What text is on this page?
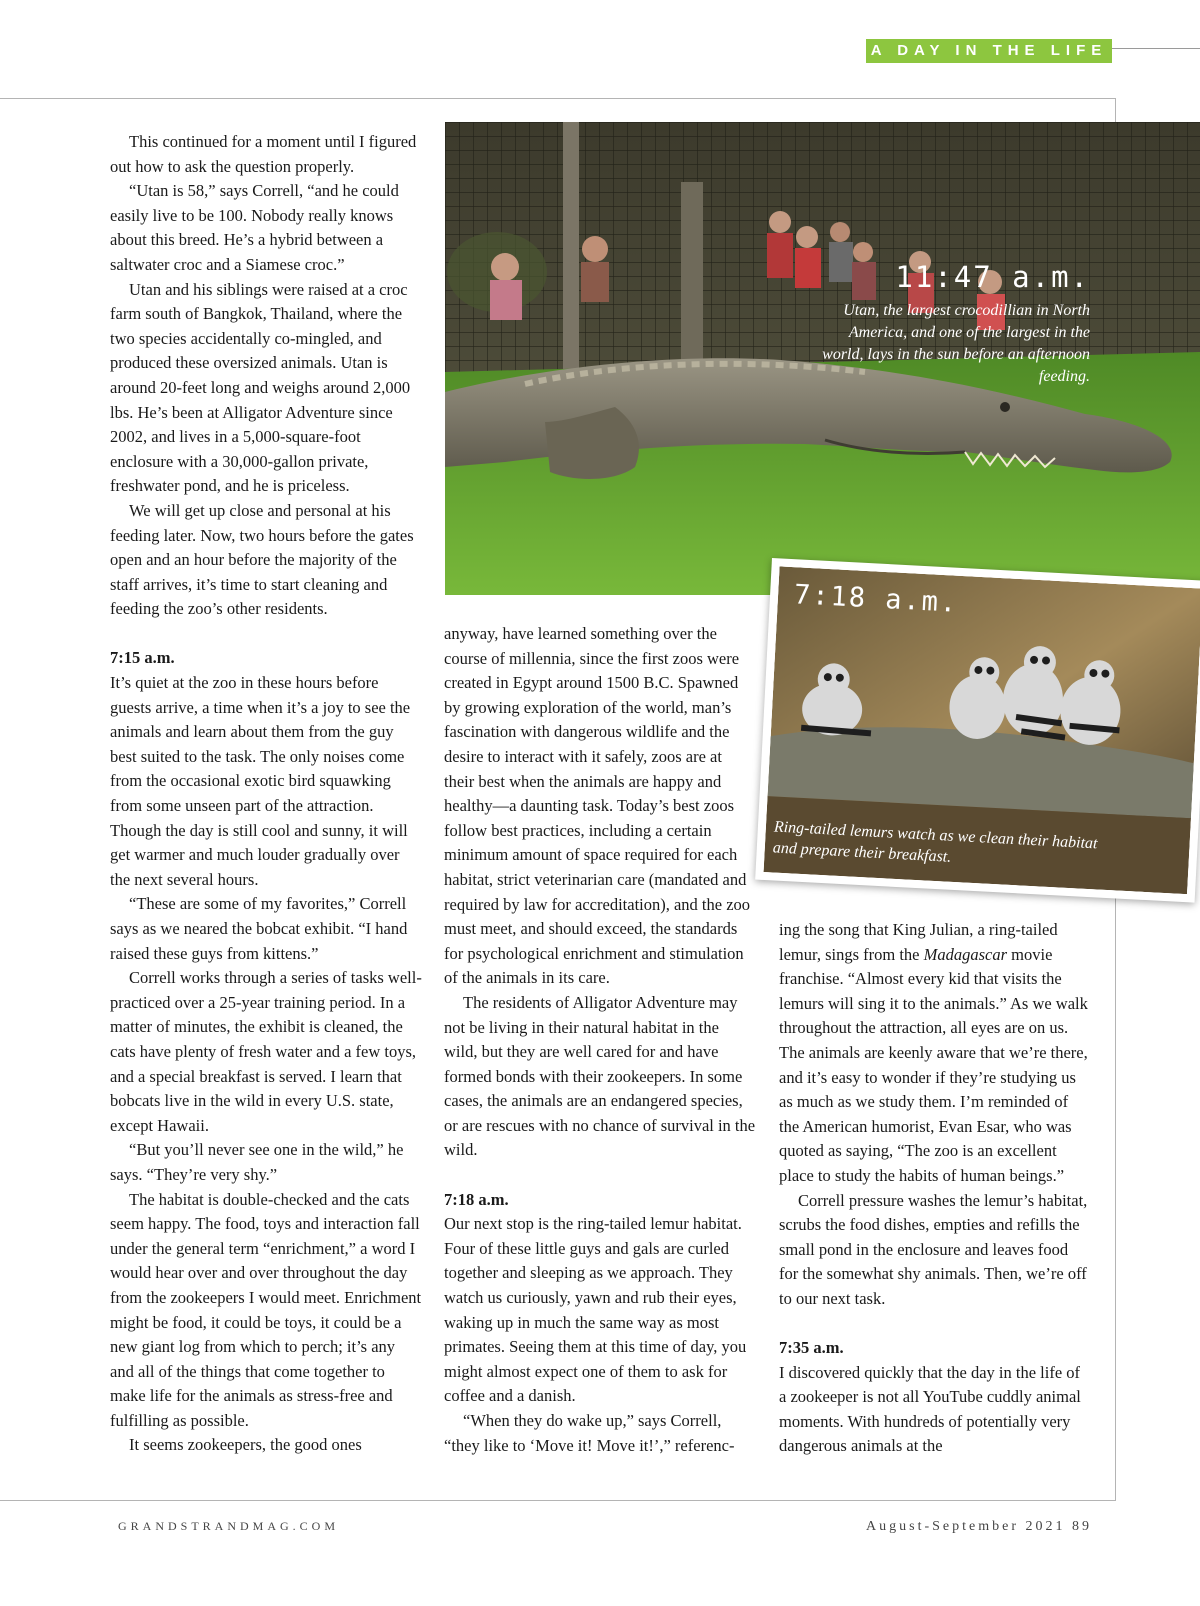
A DAY IN THE LIFE
11:47 a.m.
Utan, the largest crocodillian in North America, and one of the largest in the world, lays in the sun before an afternoon feeding.
7:18 a.m.
Ring-tailed lemurs watch as we clean their habitat and prepare their breakfast.

This continued for a moment until I figured out how to ask the question properly.

“Utan is 58,” says Correll, “and he could easily live to be 100. Nobody really knows about this breed. He’s a hybrid between a saltwater croc and a Siamese croc.”

Utan and his siblings were raised at a croc farm south of Bangkok, Thailand, where the two species accidentally co-mingled, and produced these oversized animals. Utan is around 20-feet long and weighs around 2,000 lbs. He’s been at Alligator Adventure since 2002, and lives in a 5,000-square-foot enclosure with a 30,000-gallon private, freshwater pond, and he is priceless.

We will get up close and personal at his feeding later. Now, two hours before the gates open and an hour before the majority of the staff arrives, it’s time to start cleaning and feeding the zoo’s other residents.

7:15 a.m.

It’s quiet at the zoo in these hours before guests arrive, a time when it’s a joy to see the animals and learn about them from the guy best suited to the task. The only noises come from the occasional exotic bird squawking from some unseen part of the attraction. Though the day is still cool and sunny, it will get warmer and much louder gradually over the next several hours.

“These are some of my favorites,” Correll says as we neared the bobcat exhibit. “I hand raised these guys from kittens.”

Correll works through a series of tasks well-practiced over a 25-year training period. In a matter of minutes, the exhibit is cleaned, the cats have plenty of fresh water and a few toys, and a special breakfast is served. I learn that bobcats live in the wild in every U.S. state, except Hawaii.

“But you’ll never see one in the wild,” he says. “They’re very shy.”

The habitat is double-checked and the cats seem happy. The food, toys and interaction fall under the general term “enrichment,” a word I would hear over and over throughout the day from the zookeepers I would meet. Enrichment might be food, it could be toys, it could be a new giant log from which to perch; it’s any and all of the things that come together to make life for the animals as stress-free and fulfilling as possible.

It seems zookeepers, the good ones

anyway, have learned something over the course of millennia, since the first zoos were created in Egypt around 1500 B.C. Spawned by growing exploration of the world, man’s fascination with dangerous wildlife and the desire to interact with it safely, zoos are at their best when the animals are happy and healthy—a daunting task. Today’s best zoos follow best practices, including a certain minimum amount of space required for each habitat, strict veterinarian care (mandated and required by law for accreditation), and the zoo must meet, and should exceed, the standards for psychological enrichment and stimulation of the animals in its care.

The residents of Alligator Adventure may not be living in their natural habitat in the wild, but they are well cared for and have formed bonds with their zookeepers. In some cases, the animals are an endangered species, or are rescues with no chance of survival in the wild.

7:18 a.m.

Our next stop is the ring-tailed lemur habitat. Four of these little guys and gals are curled together and sleeping as we approach. They watch us curiously, yawn and rub their eyes, waking up in much the same way as most primates. Seeing them at this time of day, you might almost expect one of them to ask for coffee and a danish.

“When they do wake up,” says Correll, “they like to ‘Move it! Move it!’,” referenc-

ing the song that King Julian, a ring-tailed lemur, sings from the Madagascar movie franchise. “Almost every kid that visits the lemurs will sing it to the animals.” As we walk throughout the attraction, all eyes are on us. The animals are keenly aware that we’re there, and it’s easy to wonder if they’re studying us as much as we study them. I’m reminded of the American humorist, Evan Esar, who was quoted as saying, “The zoo is an excellent place to study the habits of human beings.”

Correll pressure washes the lemur’s habitat, scrubs the food dishes, empties and refills the small pond in the enclosure and leaves food for the somewhat shy animals. Then, we’re off to our next task.

7:35 a.m.

I discovered quickly that the day in the life of a zookeeper is not all YouTube cuddly animal moments. With hundreds of potentially very dangerous animals at the

GRANDSTRANDMAG.COM	August-September 2021 89
